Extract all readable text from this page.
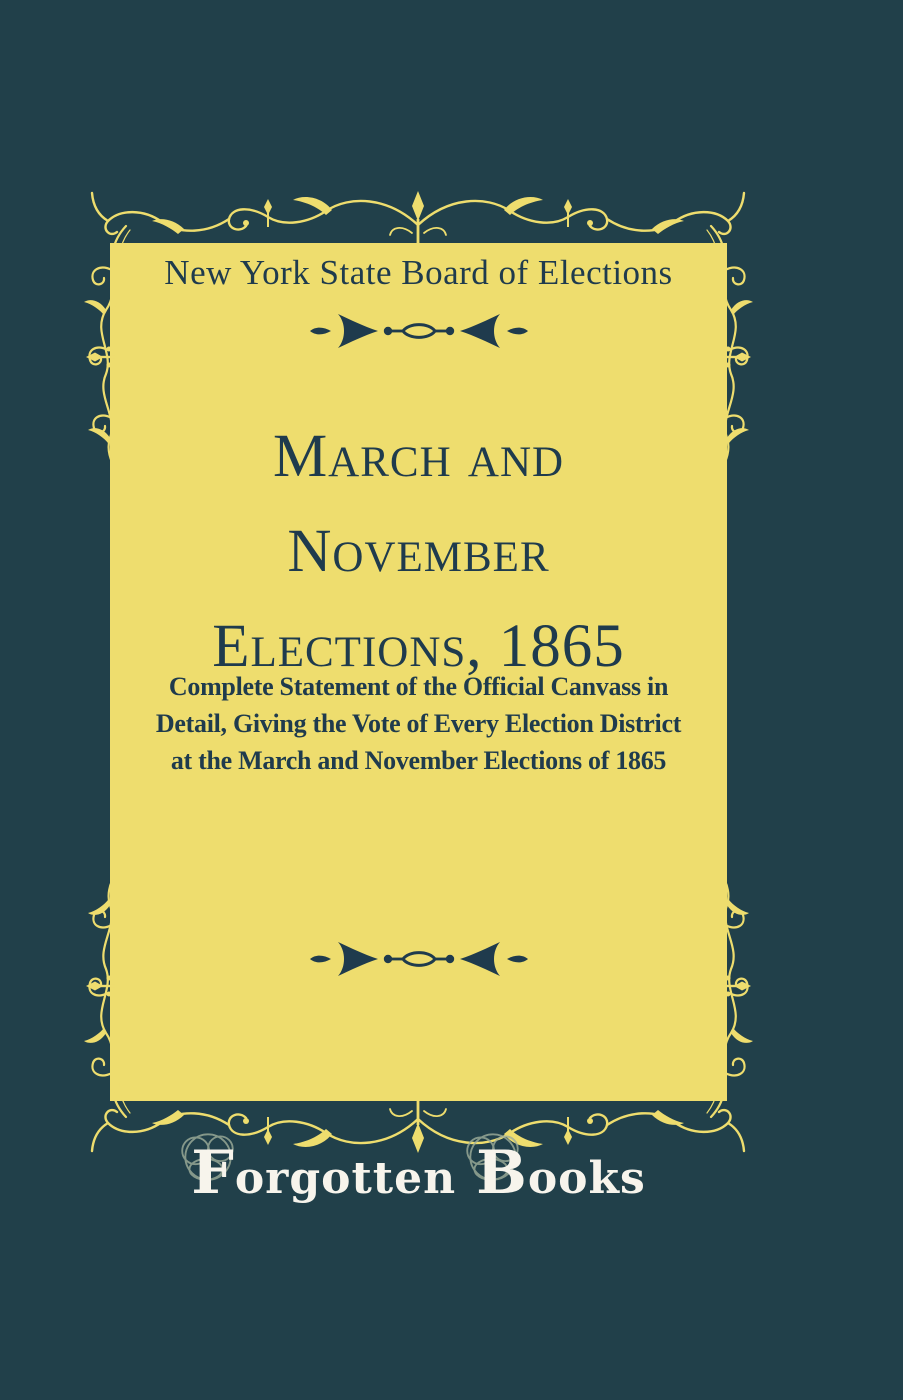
New York State Board of Elections
March and
November
Elections, 1865

Complete Statement of the Official Canvass in
Detail, Giving the Vote of Every Election District
at the March and November Elections of 1865

Forgotten Books
